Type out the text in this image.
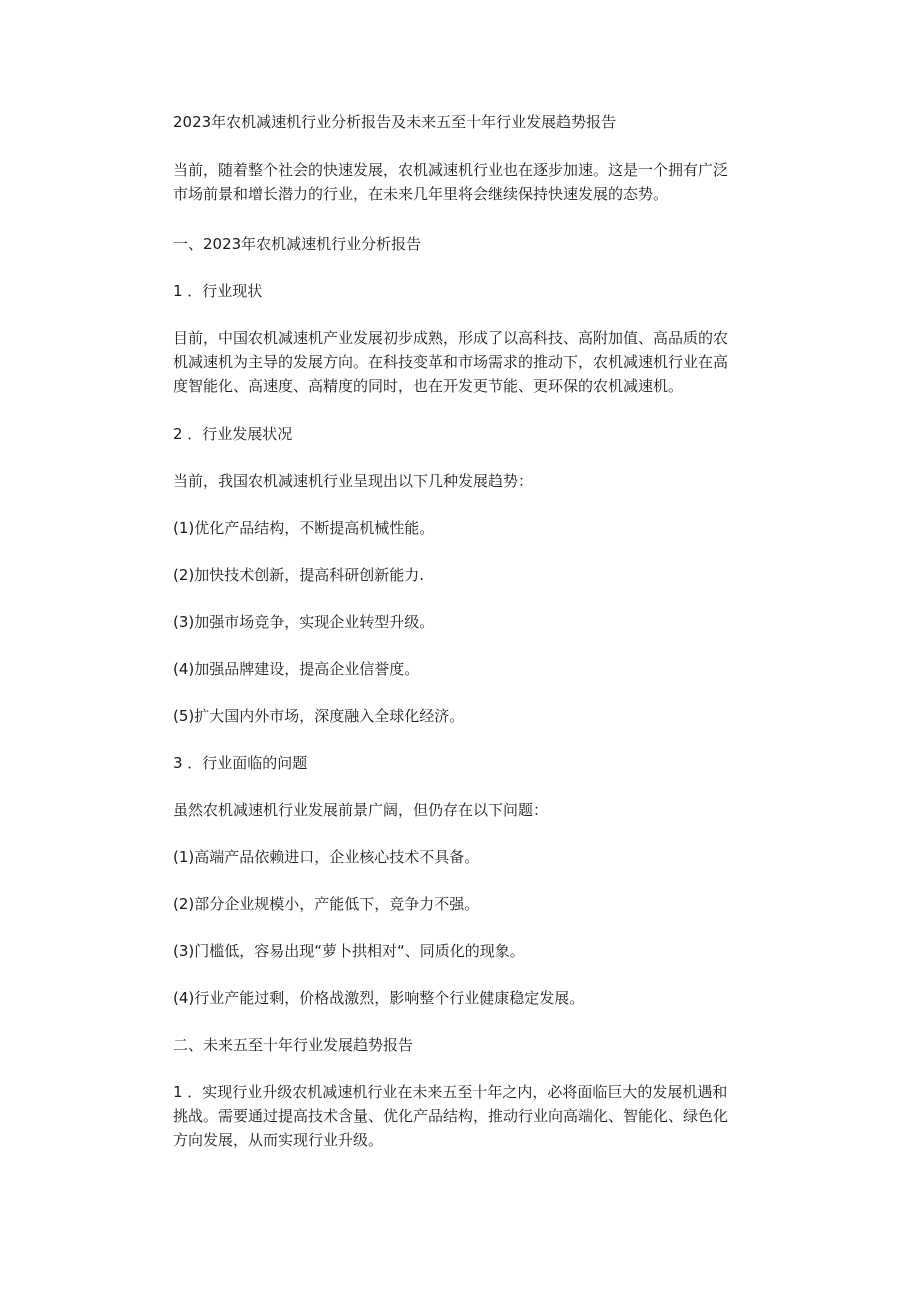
2023年农机减速机行业分析报告及未来五至十年行业发展趋势报告

当前，随着整个社会的快速发展，农机减速机行业也在逐步加速。这是一个拥有广泛
市场前景和增长潜力的行业，在未来几年里将会继续保持快速发展的态势。

一、2023年农机减速机行业分析报告

1 ．行业现状

目前，中国农机减速机产业发展初步成熟，形成了以高科技、高附加值、高品质的农
机减速机为主导的发展方向。在科技变革和市场需求的推动下，农机减速机行业在高
度智能化、高速度、高精度的同时，也在开发更节能、更环保的农机减速机。

2 ．行业发展状况

当前，我国农机减速机行业呈现出以下几种发展趋势：

(1)优化产品结构，不断提高机械性能。

(2)加快技术创新，提高科研创新能力.

(3)加强市场竞争，实现企业转型升级。

(4)加强品牌建设，提高企业信誉度。

(5)扩大国内外市场，深度融入全球化经济。

3 ．行业面临的问题

虽然农机减速机行业发展前景广阔，但仍存在以下问题：

(1)高端产品依赖进口，企业核心技术不具备。

(2)部分企业规模小，产能低下，竞争力不强。

(3)门槛低，容易出现“萝卜拱相对“、同质化的现象。

(4)行业产能过剩，价格战激烈，影响整个行业健康稳定发展。

二、未来五至十年行业发展趋势报告

1 ．实现行业升级农机减速机行业在未来五至十年之内，必将面临巨大的发展机遇和
挑战。需要通过提高技术含量、优化产品结构，推动行业向高端化、智能化、绿色化
方向发展，从而实现行业升级。
